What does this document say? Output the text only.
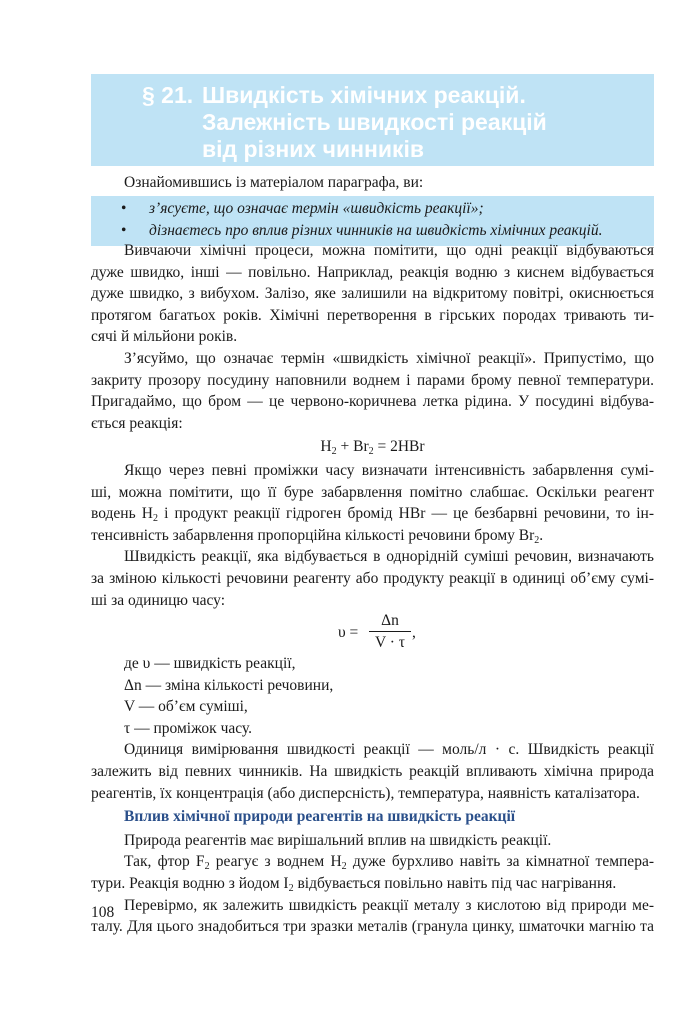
§ 21. Швидкість хімічних реакцій.
Залежність швидкості реакцій
від різних чинників

Ознайомившись із матеріалом параграфа, ви:

• з’ясуєте, що означає термін «швидкість реакції»;
• дізнаєтесь про вплив різних чинників на швидкість хімічних реакцій.

Вивчаючи хімічні процеси, можна помітити, що одні реакції відбуваються
дуже швидко, інші — повільно. Наприклад, реакція водню з киснем відбувається
дуже швидко, з вибухом. Залізо, яке залишили на відкритому повітрі, окиснюється
протягом багатьох років. Хімічні перетворення в гірських породах тривають ти-
сячі й мільйони років.

З’ясуймо, що означає термін «швидкість хімічної реакції». Припустімо, що
закриту прозору посудину наповнили воднем і парами брому певної температури.
Пригадаймо, що бром — це червоно-коричнева летка рідина. У посудині відбува-
ється реакція:

$H_2 + Br_2 = 2HBr$

Якщо через певні проміжки часу визначати інтенсивність забарвлення сумі-
ші, можна помітити, що її буре забарвлення помітно слабшає. Оскільки реагент
водень $H_2$ і продукт реакції гідроген бромід HBr — це безбарвні речовини, то ін-
тенсивність забарвлення пропорційна кількості речовини брому $Br_2$.

Швидкість реакції, яка відбувається в однорідній суміші речовин, визначають
за зміною кількості речовини реагенту або продукту реакції в одиниці об’єму сумі-
ші за одиницю часу:

$\upsilon = \frac{\Delta n}{V \cdot \tau}$ ,

де υ — швидкість реакції,

Δn — зміна кількості речовини,

V — об’єм суміші,

τ — проміжок часу.

Одиниця вимірювання швидкості реакції — моль/л · с. Швидкість реакції
залежить від певних чинників. На швидкість реакцій впливають хімічна природа
реагентів, їх концентрація (або дисперсність), температура, наявність каталізатора.

Вплив хімічної природи реагентів на швидкість реакції

Природа реагентів має вирішальний вплив на швидкість реакції.

Так, фтор $F_2$ реагує з воднем $H_2$ дуже бурхливо навіть за кімнатної темпера-
тури. Реакція водню з йодом $I_2$ відбувається повільно навіть під час нагрівання.

Перевірмо, як залежить швидкість реакції металу з кислотою від природи ме-
талу. Для цього знадобиться три зразки металів (гранула цинку, шматочки магнію та

108
